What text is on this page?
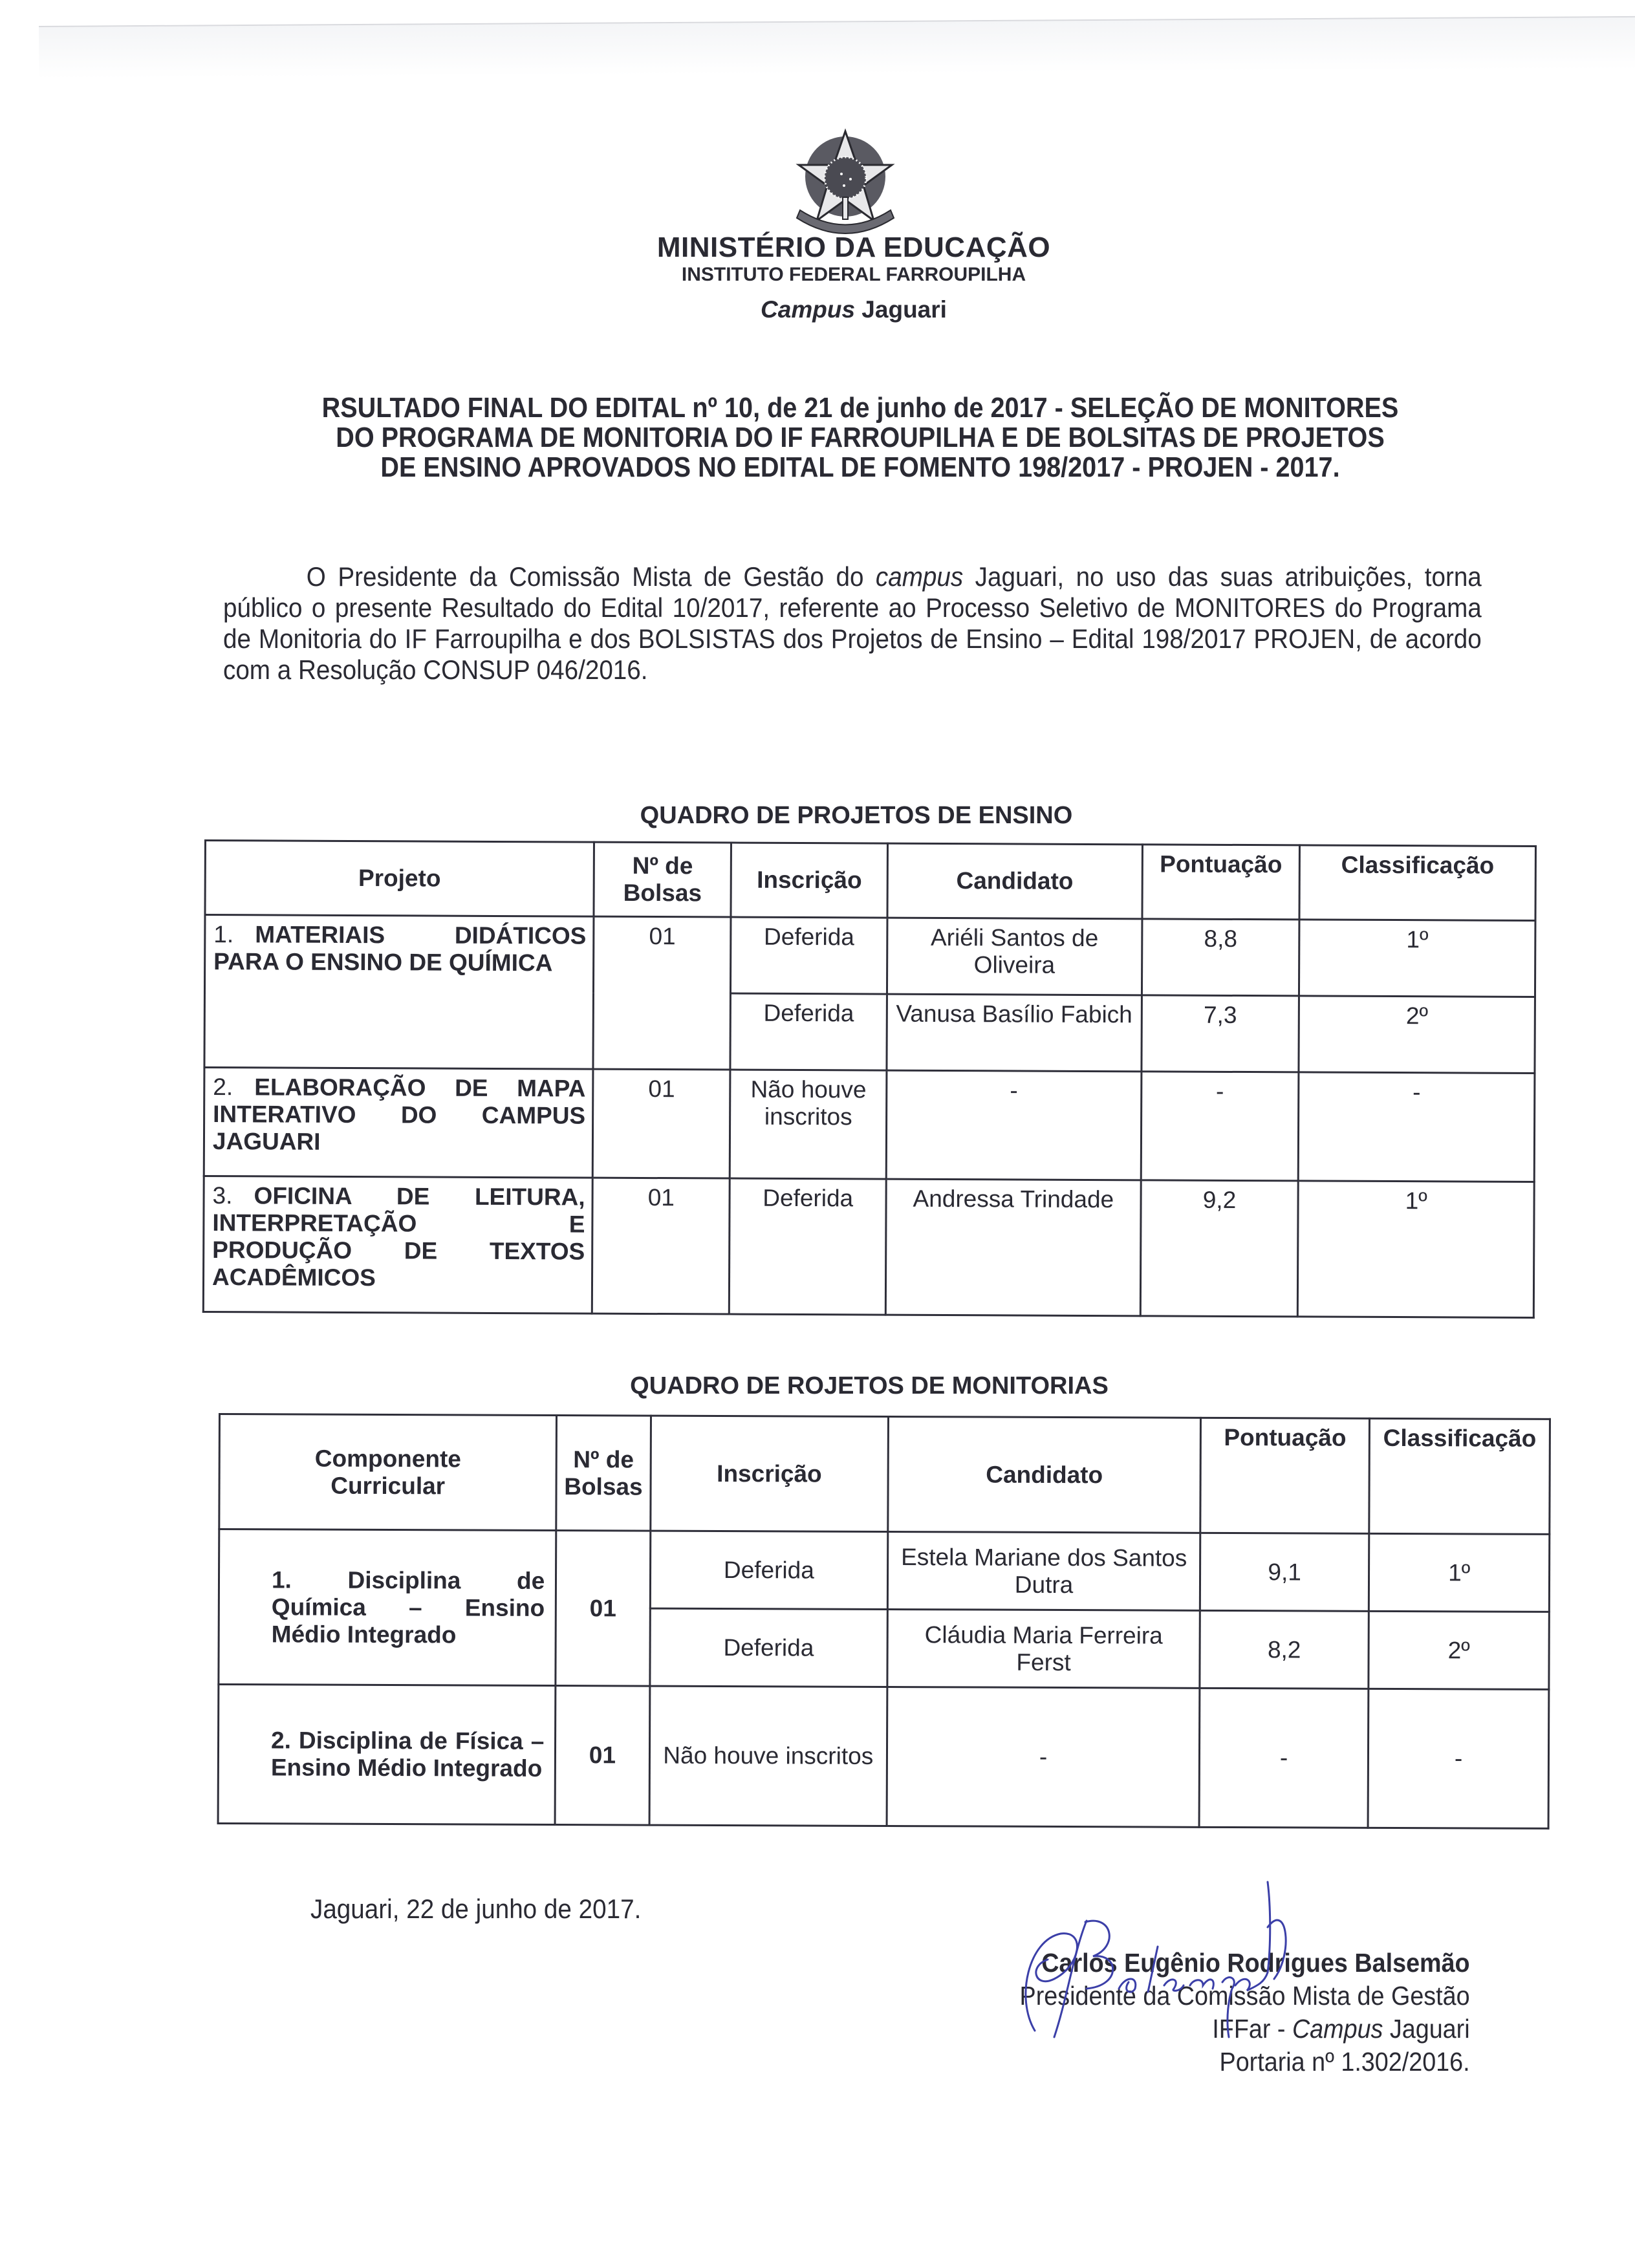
MINISTÉRIO DA EDUCAÇÃO
INSTITUTO FEDERAL FARROUPILHA
Campus Jaguari
RSULTADO FINAL DO EDITAL nº 10, de 21 de junho de 2017 - SELEÇÃO DE MONITORES
DO PROGRAMA DE MONITORIA DO IF FARROUPILHA E DE BOLSITAS DE PROJETOS
DE ENSINO APROVADOS NO EDITAL DE FOMENTO 198/2017 - PROJEN - 2017.
O Presidente da Comissão Mista de Gestão do campus Jaguari, no uso das suas atribuições, torna público o presente Resultado do Edital 10/2017, referente ao Processo Seletivo de MONITORES do Programa de Monitoria do IF Farroupilha e dos BOLSISTAS dos Projetos de Ensino – Edital 198/2017 PROJEN, de acordo com a Resolução CONSUP 046/2016.
QUADRO DE PROJETOS DE ENSINO
Projeto	Nº de Bolsas	Inscrição	Candidato	Pontuação	Classificação
1. MATERIAIS DIDÁTICOS PARA O ENSINO DE QUÍMICA	01	Deferida	Ariéli Santos de Oliveira	8,8	1º
		Deferida	Vanusa Basílio Fabich	7,3	2º
2. ELABORAÇÃO DE MAPA INTERATIVO DO CAMPUS JAGUARI	01	Não houve inscritos	-	-	-
3. OFICINA DE LEITURA, INTERPRETAÇÃO E PRODUÇÃO DE TEXTOS ACADÊMICOS	01	Deferida	Andressa Trindade	9,2	1º
QUADRO DE ROJETOS DE MONITORIAS
Componente Curricular	Nº de Bolsas	Inscrição	Candidato	Pontuação	Classificação
1. Disciplina de Química – Ensino Médio Integrado	01	Deferida	Estela Mariane dos Santos Dutra	9,1	1º
		Deferida	Cláudia Maria Ferreira Ferst	8,2	2º
2. Disciplina de Física – Ensino Médio Integrado	01	Não houve inscritos	-	-	-
Jaguari, 22 de junho de 2017.
Carlos Eugênio Rodrigues Balsemão
Presidente da Comissão Mista de Gestão
IFFar - Campus Jaguari
Portaria nº 1.302/2016.
